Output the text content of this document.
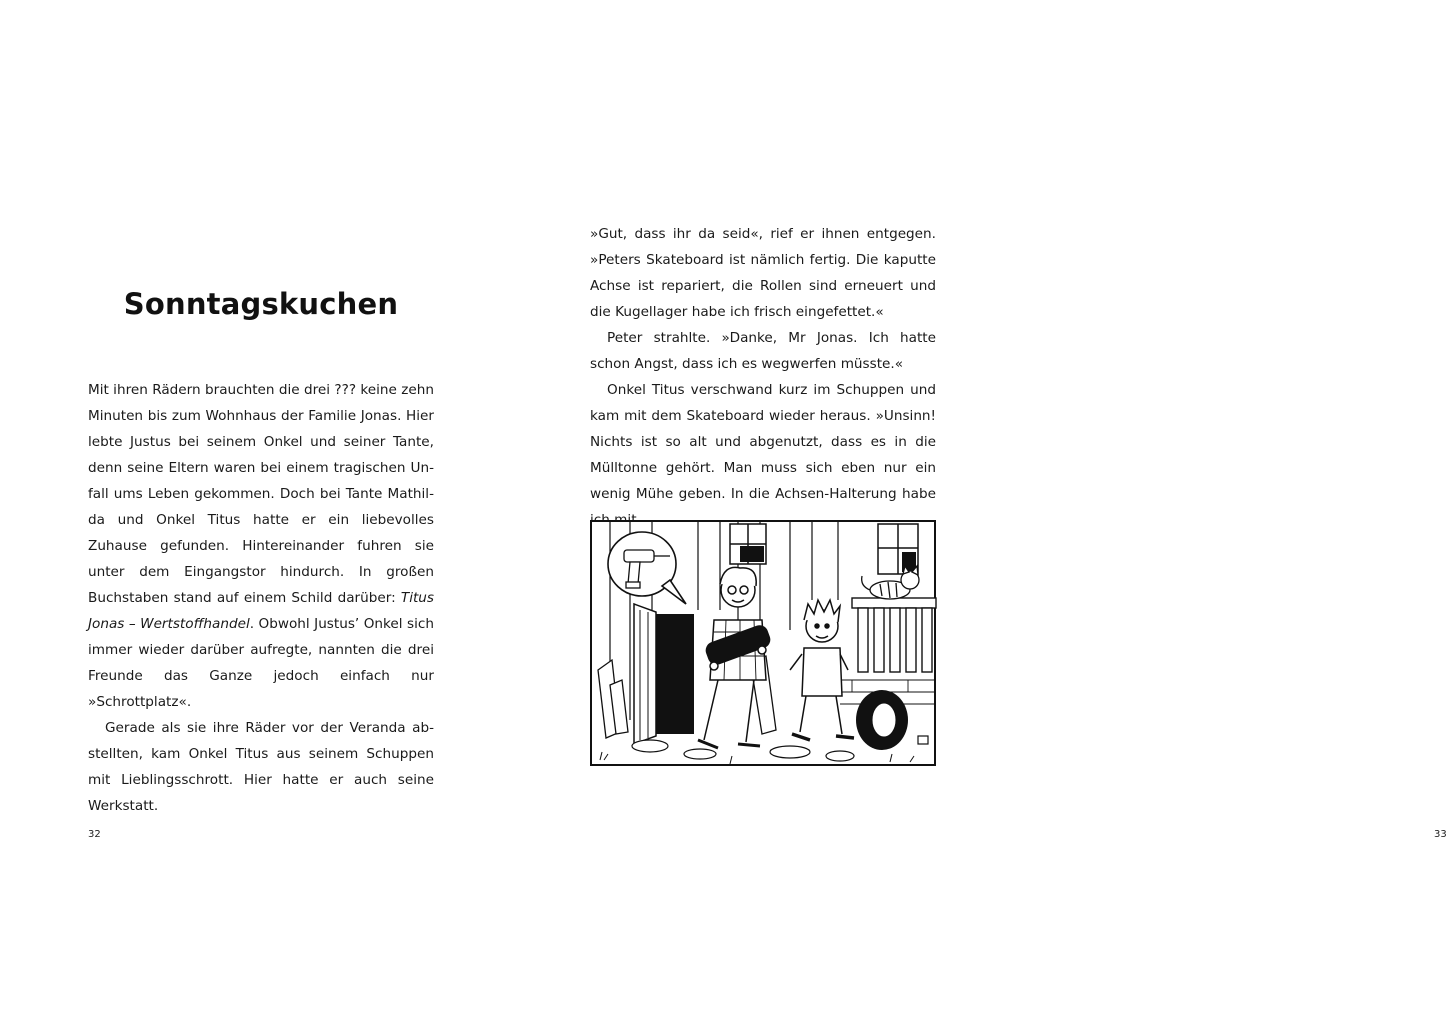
Sonntagskuchen

Mit ihren Rädern brauchten die drei ??? keine zehn Minuten bis zum Wohnhaus der Familie Jonas. Hier lebte Justus bei seinem Onkel und seiner Tante, denn seine Eltern waren bei einem tragischen Unfall ums Leben gekommen. Doch bei Tante Mathilda und Onkel Titus hatte er ein liebevolles Zuhause gefunden. Hintereinander fuhren sie unter dem Eingangstor hindurch. In großen Buchstaben stand auf einem Schild darüber: Titus Jonas – Wertstoffhandel. Obwohl Justus’ Onkel sich immer wieder darüber aufregte, nannten die drei Freunde das Ganze jedoch einfach nur »Schrottplatz«.

Gerade als sie ihre Räder vor der Veranda abstellten, kam Onkel Titus aus seinem Schuppen mit Lieblingsschrott. Hier hatte er auch seine Werkstatt.

32	33

»Gut, dass ihr da seid«, rief er ihnen entgegen. »Peters Skateboard ist nämlich fertig. Die kaputte Achse ist repariert, die Rollen sind erneuert und die Kugellager habe ich frisch eingefettet.«

Peter strahlte. »Danke, Mr Jonas. Ich hatte schon Angst, dass ich es wegwerfen müsste.«

Onkel Titus verschwand kurz im Schuppen und kam mit dem Skateboard wieder heraus. »Unsinn! Nichts ist so alt und abgenutzt, dass es in die Mülltonne gehört. Man muss sich eben nur ein wenig Mühe geben. In die Achsen-Halterung habe
